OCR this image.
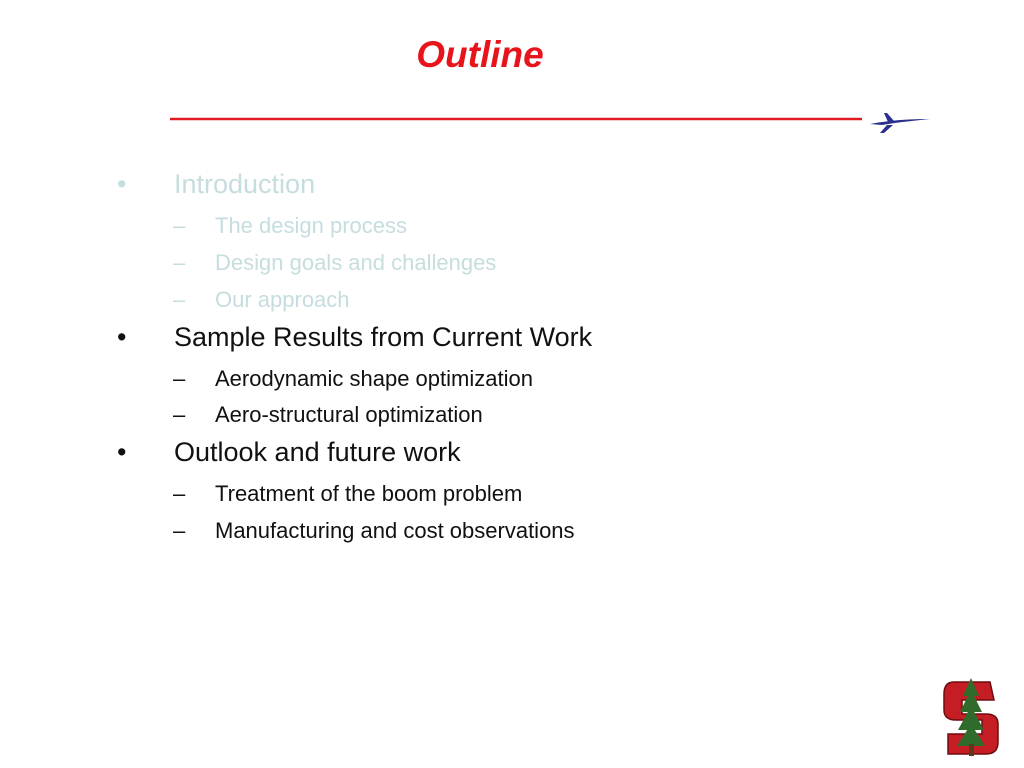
Outline
• Introduction
– The design process
– Design goals and challenges
– Our approach
• Sample Results from Current Work
– Aerodynamic shape optimization
– Aero-structural optimization
• Outlook and future work
– Treatment of the boom problem
– Manufacturing and cost observations
